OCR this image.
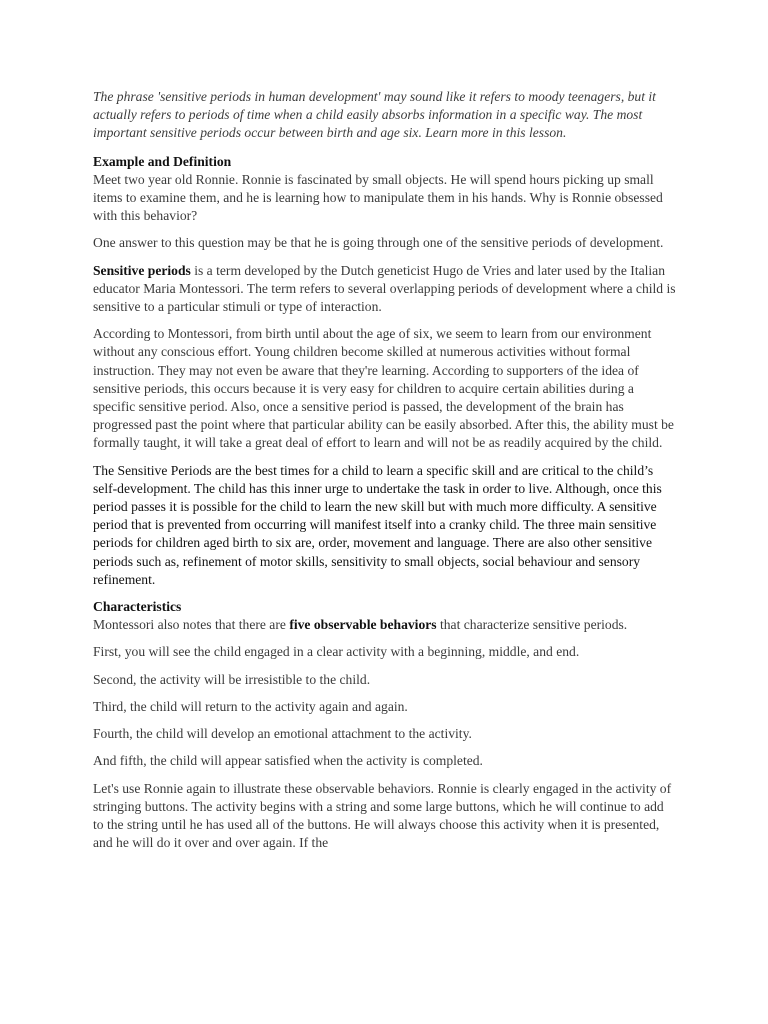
The phrase 'sensitive periods in human development' may sound like it refers to moody teenagers, but it actually refers to periods of time when a child easily absorbs information in a specific way. The most important sensitive periods occur between birth and age six. Learn more in this lesson.

Example and Definition

Meet two year old Ronnie. Ronnie is fascinated by small objects. He will spend hours picking up small items to examine them, and he is learning how to manipulate them in his hands. Why is Ronnie obsessed with this behavior?

One answer to this question may be that he is going through one of the sensitive periods of development.

Sensitive periods is a term developed by the Dutch geneticist Hugo de Vries and later used by the Italian educator Maria Montessori. The term refers to several overlapping periods of development where a child is sensitive to a particular stimuli or type of interaction.

According to Montessori, from birth until about the age of six, we seem to learn from our environment without any conscious effort. Young children become skilled at numerous activities without formal instruction. They may not even be aware that they're learning. According to supporters of the idea of sensitive periods, this occurs because it is very easy for children to acquire certain abilities during a specific sensitive period. Also, once a sensitive period is passed, the development of the brain has progressed past the point where that particular ability can be easily absorbed. After this, the ability must be formally taught, it will take a great deal of effort to learn and will not be as readily acquired by the child.

The Sensitive Periods are the best times for a child to learn a specific skill and are critical to the child’s self-development. The child has this inner urge to undertake the task in order to live. Although, once this period passes it is possible for the child to learn the new skill but with much more difficulty. A sensitive period that is prevented from occurring will manifest itself into a cranky child. The three main sensitive periods for children aged birth to six are, order, movement and language. There are also other sensitive periods such as, refinement of motor skills, sensitivity to small objects, social behaviour and sensory refinement.

Characteristics

Montessori also notes that there are five observable behaviors that characterize sensitive periods.

First, you will see the child engaged in a clear activity with a beginning, middle, and end.

Second, the activity will be irresistible to the child.

Third, the child will return to the activity again and again.

Fourth, the child will develop an emotional attachment to the activity.

And fifth, the child will appear satisfied when the activity is completed.

Let's use Ronnie again to illustrate these observable behaviors. Ronnie is clearly engaged in the activity of stringing buttons. The activity begins with a string and some large buttons, which he will continue to add to the string until he has used all of the buttons. He will always choose this activity when it is presented, and he will do it over and over again. If the
